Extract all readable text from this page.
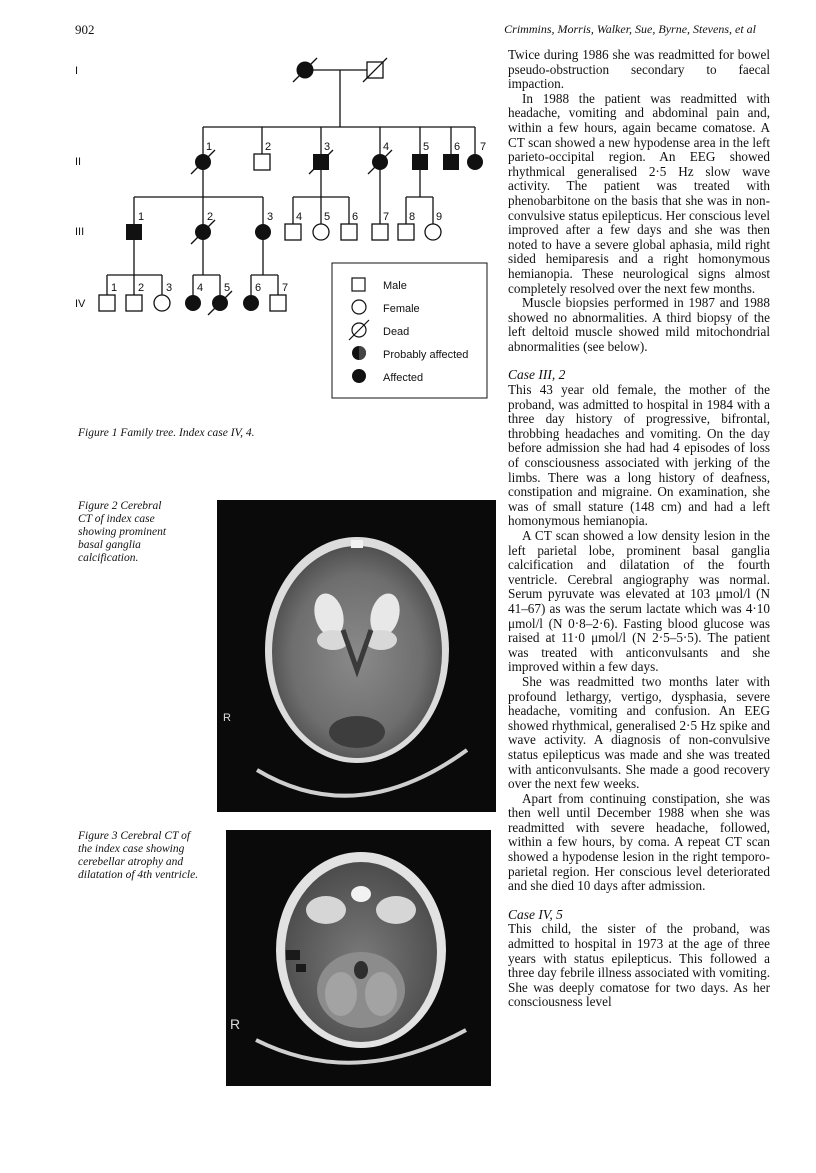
902	Crimmins, Morris, Walker, Sue, Byrne, Stevens, et al
I
II
III
IV
1	2	3	4	5 6 7
1	2	3 4 5 6 7 8 9
1 2 3 4 5 6 7	Male
Female
Dead
Probably affected
Affected
Figure 1 Family tree. Index case IV, 4.
Figure 2 Cerebral CT of index case showing prominent basal ganglia calcification.
R
Figure 3 Cerebral CT of the index case showing cerebellar atrophy and dilatation of 4th ventricle.
R

Twice during 1986 she was readmitted for bowel pseudo-obstruction secondary to faecal impaction.

In 1988 the patient was readmitted with headache, vomiting and abdominal pain and, within a few hours, again became comatose. A CT scan showed a new hypodense area in the left parieto-occipital region. An EEG showed rhythmical generalised 2·5 Hz slow wave activity. The patient was treated with phenobarbitone on the basis that she was in non-convulsive status epilepticus. Her conscious level improved after a few days and she was then noted to have a severe global aphasia, mild right sided hemiparesis and a right homonymous hemianopia. These neurological signs almost completely resolved over the next few months.

Muscle biopsies performed in 1987 and 1988 showed no abnormalities. A third biopsy of the left deltoid muscle showed mild mitochondrial abnormalities (see below).

Case III, 2

This 43 year old female, the mother of the proband, was admitted to hospital in 1984 with a three day history of progressive, bifrontal, throbbing headaches and vomiting. On the day before admission she had had 4 episodes of loss of consciousness associated with jerking of the limbs. There was a long history of deafness, constipation and migraine. On examination, she was of small stature (148 cm) and had a left homonymous hemianopia.

A CT scan showed a low density lesion in the left parietal lobe, prominent basal ganglia calcification and dilatation of the fourth ventricle. Cerebral angiography was normal. Serum pyruvate was elevated at 103 μmol/l (N 41–67) as was the serum lactate which was 4·10 μmol/l (N 0·8–2·6). Fasting blood glucose was raised at 11·0 μmol/l (N 2·5–5·5). The patient was treated with anticonvulsants and she improved within a few days.

She was readmitted two months later with profound lethargy, vertigo, dysphasia, severe headache, vomiting and confusion. An EEG showed rhythmical, generalised 2·5 Hz spike and wave activity. A diagnosis of non-convulsive status epilepticus was made and she was treated with anticonvulsants. She made a good recovery over the next few weeks.

Apart from continuing constipation, she was then well until December 1988 when she was readmitted with severe headache, followed, within a few hours, by coma. A repeat CT scan showed a hypodense lesion in the right temporo-parietal region. Her conscious level deteriorated and she died 10 days after admission.

Case IV, 5

This child, the sister of the proband, was admitted to hospital in 1973 at the age of three years with status epilepticus. This followed a three day febrile illness associated with vomiting. She was deeply comatose for two days. As her consciousness level
